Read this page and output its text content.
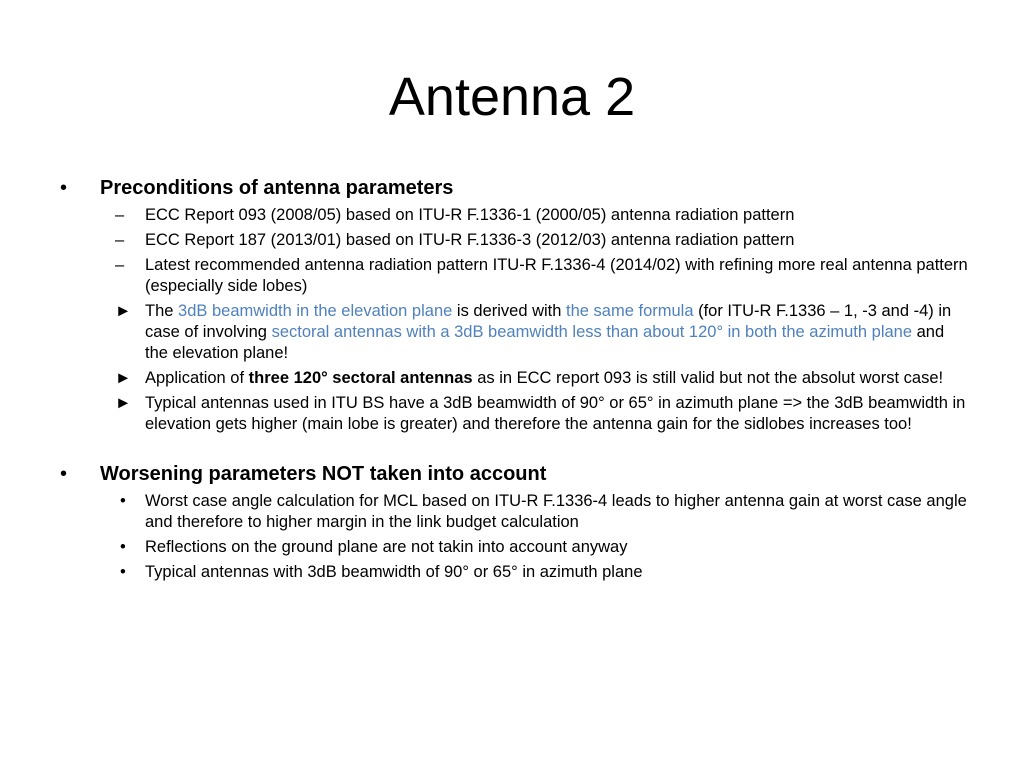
Antenna 2
•	Preconditions of antenna parameters
–	ECC Report 093 (2008/05) based on ITU-R F.1336-1 (2000/05) antenna radiation pattern
–	ECC Report 187 (2013/01) based on ITU-R F.1336-3 (2012/03) antenna radiation pattern
–	Latest recommended antenna radiation pattern ITU-R F.1336-4 (2014/02) with refining more real antenna pattern (especially side lobes)
► The 3dB beamwidth in the elevation plane is derived with the same formula (for ITU-R F.1336 – 1, -3 and -4) in case of involving sectoral antennas with a 3dB beamwidth less than about 120° in both the azimuth plane and the elevation plane!
► Application of three 120° sectoral antennas as in ECC report 093 is still valid but not the absolut worst case!
► Typical antennas used in ITU BS have a 3dB beamwidth of 90° or 65° in azimuth plane => the 3dB beamwidth in elevation gets higher (main lobe is greater) and therefore the antenna gain for the sidlobes increases too!
•	Worsening parameters NOT taken into account
•	Worst case angle calculation for MCL based on ITU-R F.1336-4 leads to higher antenna gain at worst case angle and therefore to higher margin in the link budget calculation
•	Reflections on the ground plane are not takin into account anyway
•	Typical antennas with 3dB beamwidth of 90° or 65° in azimuth plane
